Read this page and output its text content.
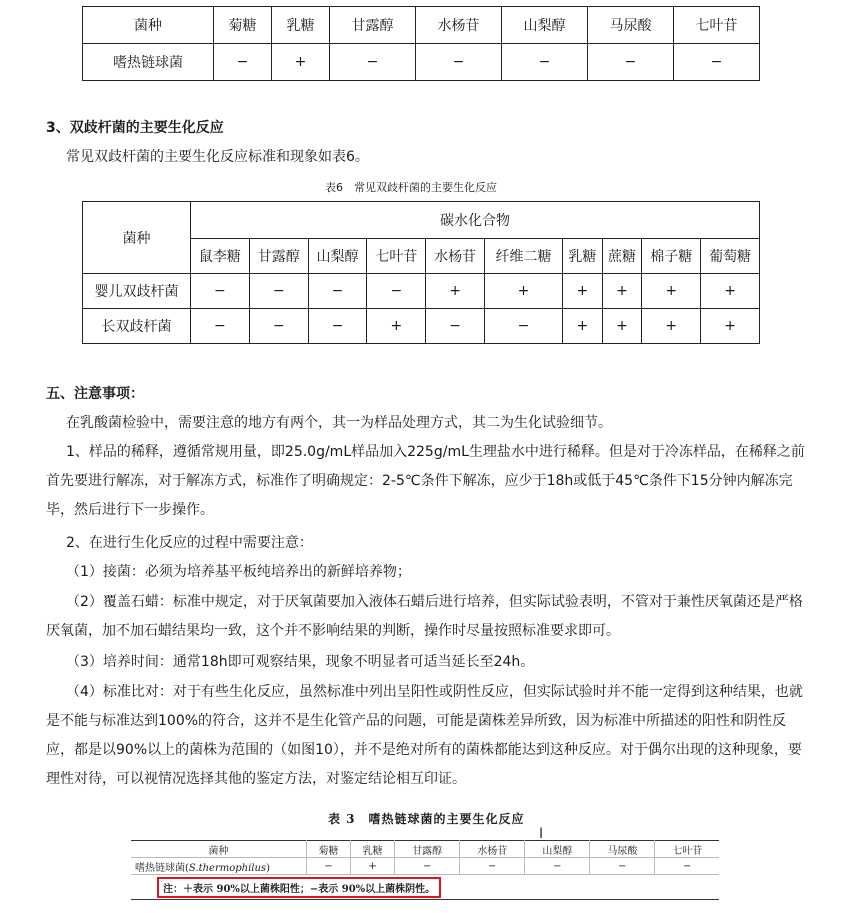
菌种	菊糖	乳糖	甘露醇	水杨苷	山梨醇	马尿酸	七叶苷
嗜热链球菌	−	+	−	−	−	−	−
3、双歧杆菌的主要生化反应
常见双歧杆菌的主要生化反应标准和现象如表6。
表6　常见双歧杆菌的主要生化反应
菌种	碳水化合物									
	鼠李糖	甘露醇	山梨醇	七叶苷	水杨苷	纤维二糖	乳糖	蔗糖	棉子糖	葡萄糖
婴儿双歧杆菌	−	−	−	−	+	+	+	+	+	+
长双歧杆菌	−	−	−	+	−	−	+	+	+	+
五、注意事项：
在乳酸菌检验中，需要注意的地方有两个，其一为样品处理方式，其二为生化试验细节。
1、样品的稀释，遵循常规用量，即25.0g/mL样品加入225g/mL生理盐水中进行稀释。但是对于冷冻样品，在稀释之前首先要进行解冻，对于解冻方式，标准作了明确规定：2-5℃条件下解冻，应少于18h或低于45℃条件下15分钟内解冻完毕，然后进行下一步操作。
2、在进行生化反应的过程中需要注意：
（1）接菌：必须为培养基平板纯培养出的新鲜培养物；
（2）覆盖石蜡：标准中规定，对于厌氧菌要加入液体石蜡后进行培养，但实际试验表明，不管对于兼性厌氧菌还是严格厌氧菌，加不加石蜡结果均一致，这个并不影响结果的判断，操作时尽量按照标准要求即可。
（3）培养时间：通常18h即可观察结果，现象不明显者可适当延长至24h。
（4）标准比对：对于有些生化反应，虽然标准中列出呈阳性或阴性反应，但实际试验时并不能一定得到这种结果，也就是不能与标准达到100%的符合，这并不是生化管产品的问题，可能是菌株差异所致，因为标准中所描述的阳性和阴性反应，都是以90%以上的菌株为范围的（如图10），并不是绝对所有的菌株都能达到这种反应。对于偶尔出现的这种现象，要理性对待，可以视情况选择其他的鉴定方法，对鉴定结论相互印证。
表 3　嗜热链球菌的主要生化反应
I
菌种	菊糖	乳糖	甘露醇	水杨苷	山梨醇	马尿酸	七叶苷
嗜热链球菌(S.thermophilus)	−	+	−	−	−	−	−
注：＋表示 90%以上菌株阳性；−表示 90%以上菌株阴性。							
